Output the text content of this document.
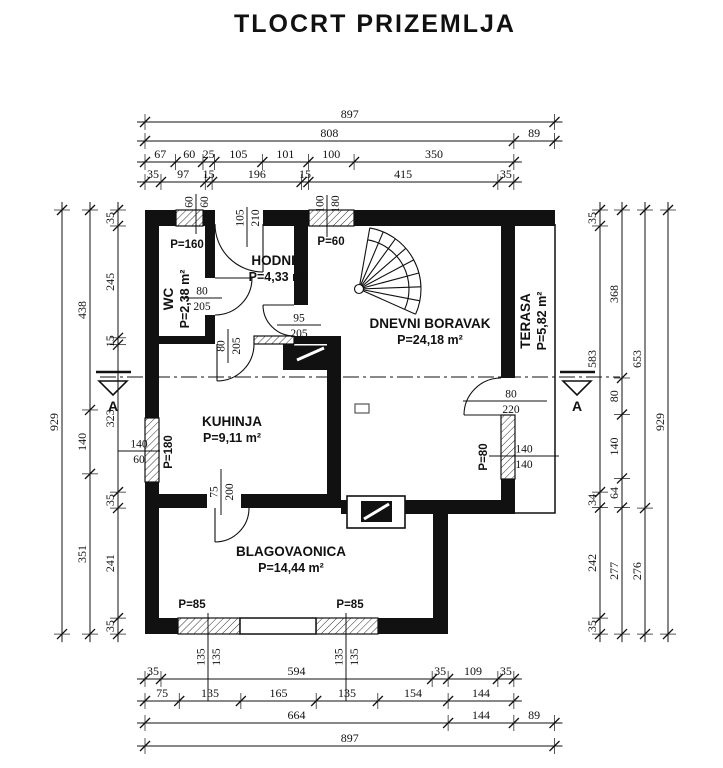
TLOCRT PRIZEMLJA
A	A
897
808	89
67 60 25 105 101 100	350
35 97 15	196	15	415	35
35	594	35 109 35
75	135	165	135	154	144
664	144	89
897
929
438
140
351
35
245
15
323
35
241
35
35
583
34
242
35
368
80
140
64
277
653
276
929
60 60
105 210
100 180
80
205
95
205
80 205
140
60
75 200
80
220
140
140
135 135	135 135
P=160	P=60
P=180	P=80
P=85	P=85
WC P=2,38 m²
HODNIK
P=4,33 m²
DNEVNI BORAVAK
P=24,18 m²	TERASA P=5,82 m²
KUHINJA
P=9,11 m²
BLAGOVAONICA
P=14,44 m²
